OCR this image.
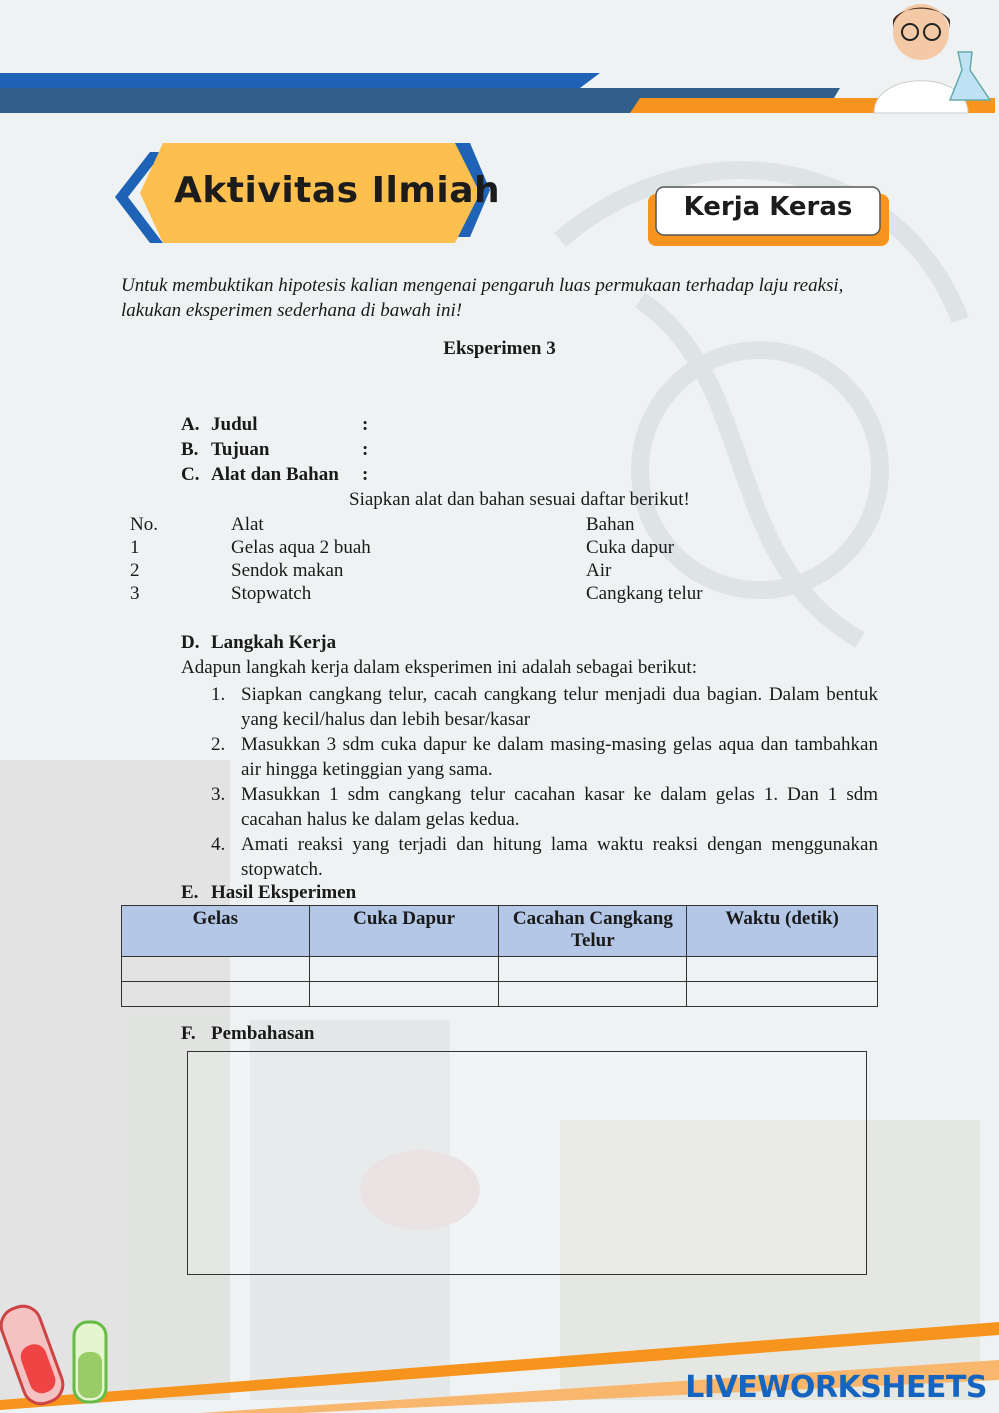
Aktivitas Ilmiah	Kerja Keras
Untuk membuktikan hipotesis kalian mengenai pengaruh luas permukaan terhadap laju reaksi, lakukan eksperimen sederhana di bawah ini!
Eksperimen 3
A. Judul	:
B. Tujuan	:
C. Alat dan Bahan :
Siapkan alat dan bahan sesuai daftar berikut!
No.	Alat	Bahan
1	Gelas aqua 2 buah	Cuka dapur
2	Sendok makan	Air
3	Stopwatch	Cangkang telur
D. Langkah Kerja
Adapun langkah kerja dalam eksperimen ini adalah sebagai berikut:
1. Siapkan cangkang telur, cacah cangkang telur menjadi dua bagian. Dalam bentuk yang kecil/halus dan lebih besar/kasar
2. Masukkan 3 sdm cuka dapur ke dalam masing-masing gelas aqua dan tambahkan air hingga ketinggian yang sama.
3. Masukkan 1 sdm cangkang telur cacahan kasar ke dalam gelas 1. Dan 1 sdm cacahan halus ke dalam gelas kedua.
4. Amati reaksi yang terjadi dan hitung lama waktu reaksi dengan menggunakan stopwatch.
E. Hasil Eksperimen
Gelas	Cuka Dapur	Cacahan Cangkang Telur	Waktu (detik)

F. Pembahasan
LIVEWORKSHEETS
